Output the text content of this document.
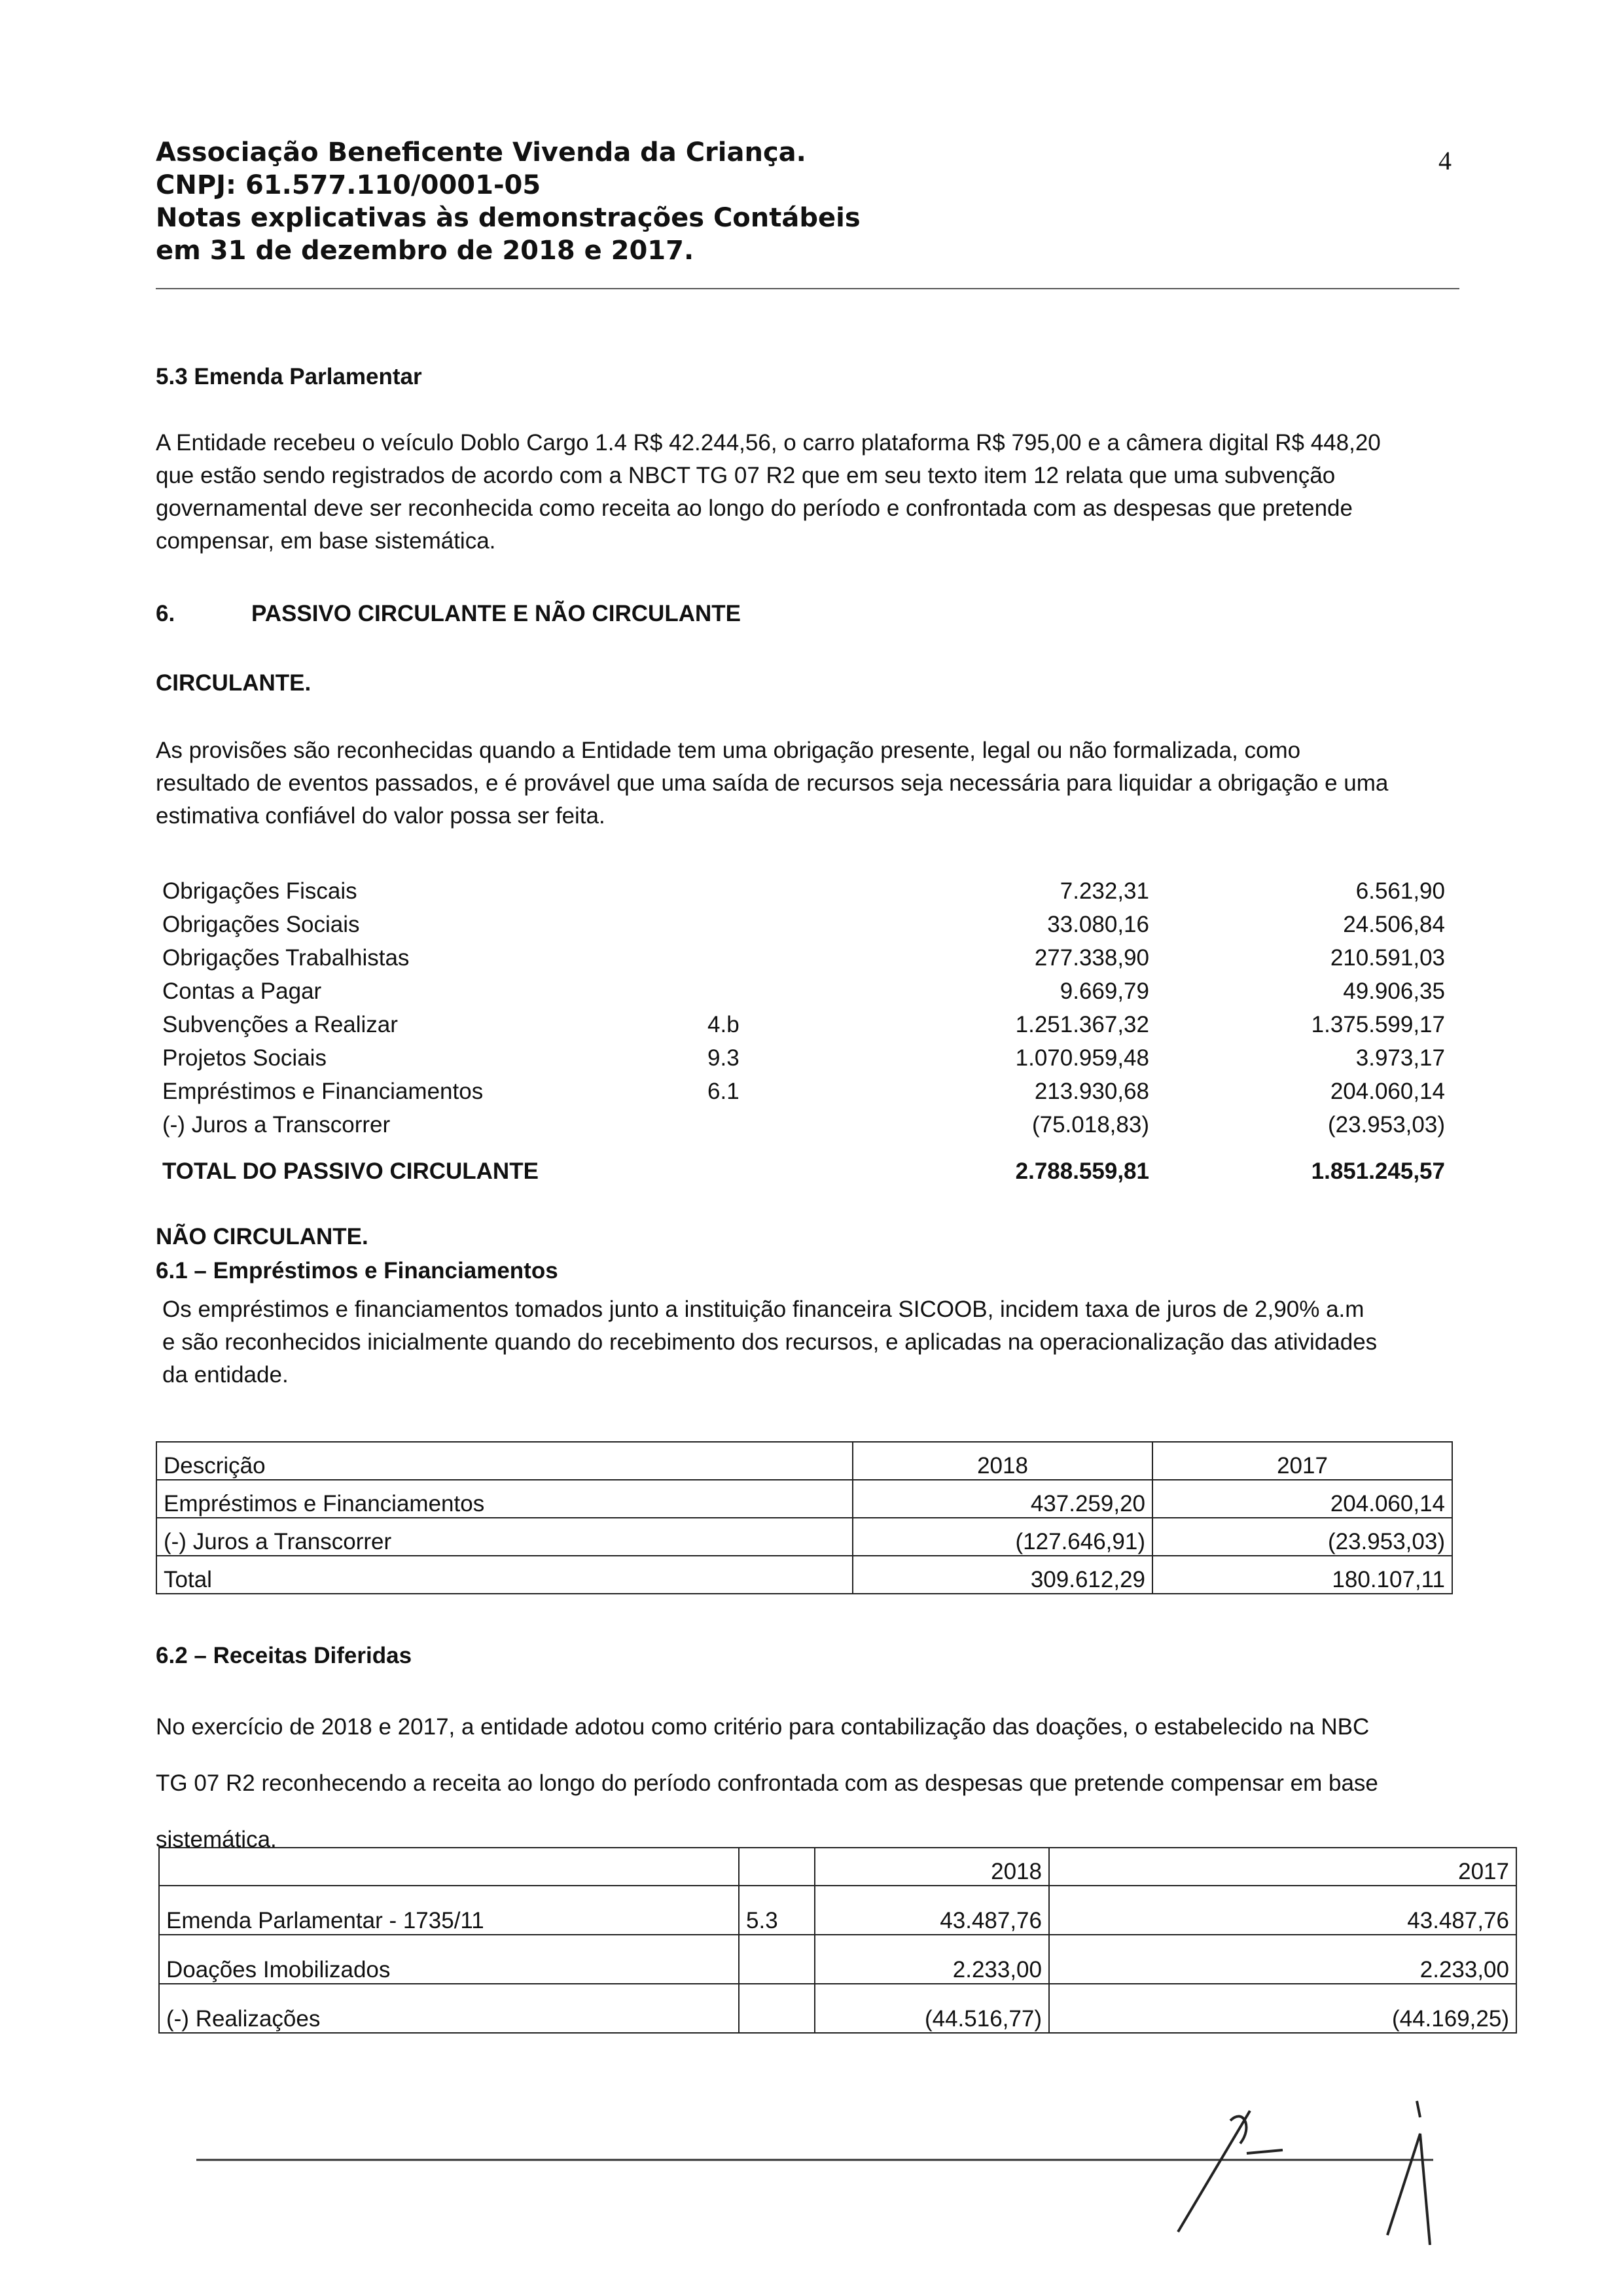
Associação Beneficente Vivenda da Criança.
CNPJ: 61.577.110/0001-05
Notas explicativas às demonstrações Contábeis
em 31 de dezembro de 2018 e 2017.
4
5.3 Emenda Parlamentar
A Entidade recebeu o veículo Doblo Cargo 1.4 R$ 42.244,56, o carro plataforma R$ 795,00 e a câmera digital R$ 448,20
que estão sendo registrados de acordo com a NBCT TG 07 R2 que em seu texto item 12 relata que uma subvenção
governamental deve ser reconhecida como receita ao longo do período e confrontada com as despesas que pretende
compensar, em base sistemática.
6.	PASSIVO CIRCULANTE E NÃO CIRCULANTE
CIRCULANTE.
As provisões são reconhecidas quando a Entidade tem uma obrigação presente, legal ou não formalizada, como
resultado de eventos passados, e é provável que uma saída de recursos seja necessária para liquidar a obrigação e uma
estimativa confiável do valor possa ser feita.
Obrigações Fiscais	7.232,31	6.561,90
Obrigações Sociais	33.080,16	24.506,84
Obrigações Trabalhistas	277.338,90	210.591,03
Contas a Pagar	9.669,79	49.906,35
Subvenções a Realizar	4.b	1.251.367,32	1.375.599,17
Projetos Sociais	9.3	1.070.959,48	3.973,17
Empréstimos e Financiamentos	6.1	213.930,68	204.060,14
(-) Juros a Transcorrer	(75.018,83)	(23.953,03)
TOTAL DO PASSIVO CIRCULANTE	2.788.559,81	1.851.245,57
NÃO CIRCULANTE.
6.1 – Empréstimos e Financiamentos
Os empréstimos e financiamentos tomados junto a instituição financeira SICOOB, incidem taxa de juros de 2,90% a.m
e são reconhecidos inicialmente quando do recebimento dos recursos, e aplicadas na operacionalização das atividades
da entidade.
Descrição	2018	2017
Empréstimos e Financiamentos	437.259,20	204.060,14
(-) Juros a Transcorrer	(127.646,91)	(23.953,03)
Total	309.612,29	180.107,11
6.2 – Receitas Diferidas
No exercício de 2018 e 2017, a entidade adotou como critério para contabilização das doações, o estabelecido na NBC
TG 07 R2 reconhecendo a receita ao longo do período confrontada com as despesas que pretende compensar em base
sistemática.
		2018	2017
Emenda Parlamentar - 1735/11	5.3	43.487,76	43.487,76
Doações Imobilizados		2.233,00	2.233,00
(-) Realizações		(44.516,77)	(44.169,25)
